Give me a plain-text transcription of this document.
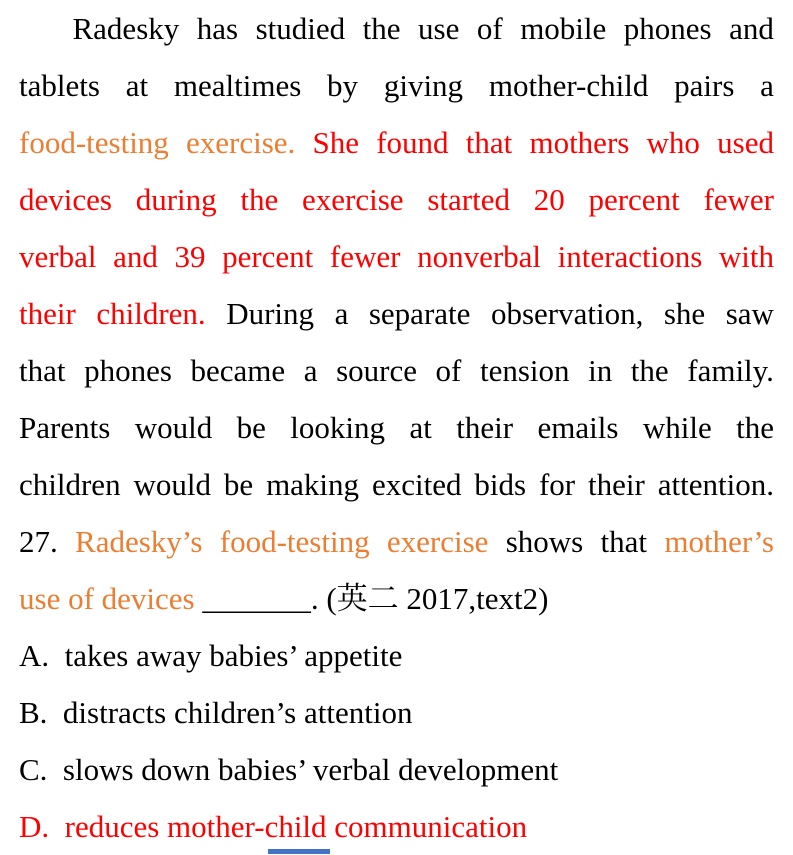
Radesky has studied the use of mobile phones and
tablets at mealtimes by giving mother-child pairs a
food-testing exercise. She found that mothers who used
devices during the exercise started 20 percent fewer
verbal and 39 percent fewer nonverbal interactions with
their children. During a separate observation, she saw
that phones became a source of tension in the family.
Parents would be looking at their emails while the
children would be making excited bids for their attention.
27. Radesky’s food-testing exercise shows that mother’s
use of devices _______. (英二 2017,text2)
A.  takes away babies’ appetite
B.  distracts children’s attention
C.  slows down babies’ verbal development
D.  reduces mother-child communication
